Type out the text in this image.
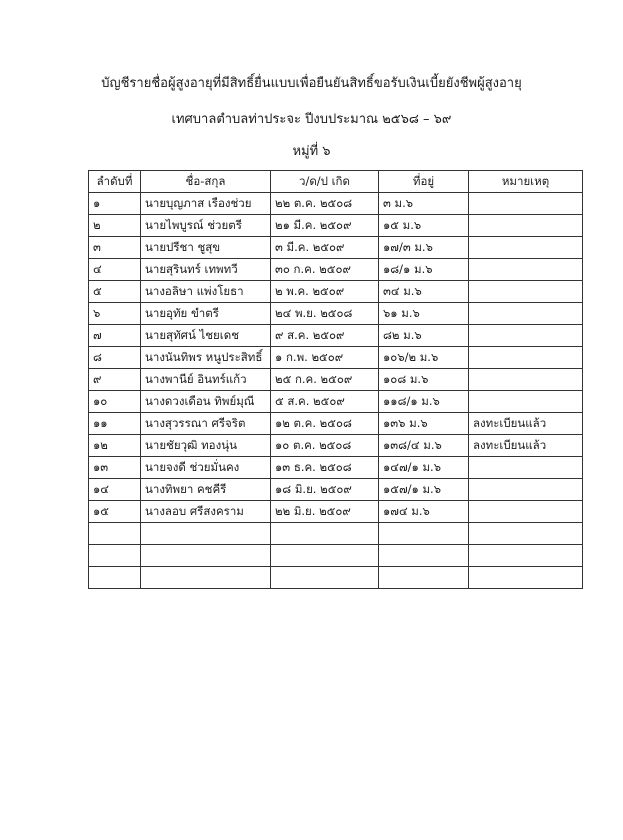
บัญชีรายชื่อผู้สูงอายุที่มีสิทธิ์ยื่นแบบเพื่อยืนยันสิทธิ์ขอรับเงินเบี้ยยังชีพผู้สูงอายุ
เทศบาลตำบลท่าประจะ ปีงบประมาณ ๒๕๖๘ – ๖๙
หมู่ที่ ๖
ลำดับที่	ชื่อ-สกุล	ว/ด/ป เกิด	ที่อยู่	หมายเหตุ
๑	นายบุญภาส เรืองช่วย	๒๒ ต.ค. ๒๕๐๘	๓ ม.๖	
๒	นายไพบูรณ์ ช่วยตรี	๒๑ มี.ค. ๒๕๐๙	๑๕ ม.๖	
๓	นายปรีชา ชูสุข	๓ มี.ค. ๒๕๐๙	๑๗/๓ ม.๖	
๔	นายสุรินทร์ เทพทวี	๓๐ ก.ค. ๒๕๐๙	๑๘/๑ ม.๖	
๕	นางอลิษา แพ่งโยธา	๒ พ.ค. ๒๕๐๙	๓๔ ม.๖	
๖	นายอุทัย ขำตรี	๒๔ พ.ย. ๒๕๐๘	๖๑ ม.๖	
๗	นายสุทัศน์ ไชยเดช	๙ ส.ค. ๒๕๐๙	๘๒ ม.๖	
๘	นางนันทิพร หนูประสิทธิ์	๑ ก.พ. ๒๕๐๙	๑๐๖/๒ ม.๖	
๙	นางพานีย์ อินทร์แก้ว	๒๕ ก.ค. ๒๕๐๙	๑๐๘ ม.๖	
๑๐	นางดวงเดือน ทิพย์มุณี	๕ ส.ค. ๒๕๐๙	๑๑๘/๑ ม.๖	
๑๑	นางสุวรรณา ศรีจริต	๑๒ ต.ค. ๒๕๐๘	๑๓๖ ม.๖	ลงทะเบียนแล้ว
๑๒	นายชัยวุฒิ ทองนุ่น	๑๐ ต.ค. ๒๕๐๘	๑๓๘/๔ ม.๖	ลงทะเบียนแล้ว
๑๓	นายจงดี ช่วยมั่นคง	๑๓ ธ.ค. ๒๕๐๘	๑๔๗/๑ ม.๖	
๑๔	นางทิพยา คชคีรี	๑๘ มิ.ย. ๒๕๐๙	๑๕๗/๑ ม.๖	
๑๕	นางลอบ ศรีสงคราม	๒๒ มิ.ย. ๒๕๐๙	๑๗๔ ม.๖	
